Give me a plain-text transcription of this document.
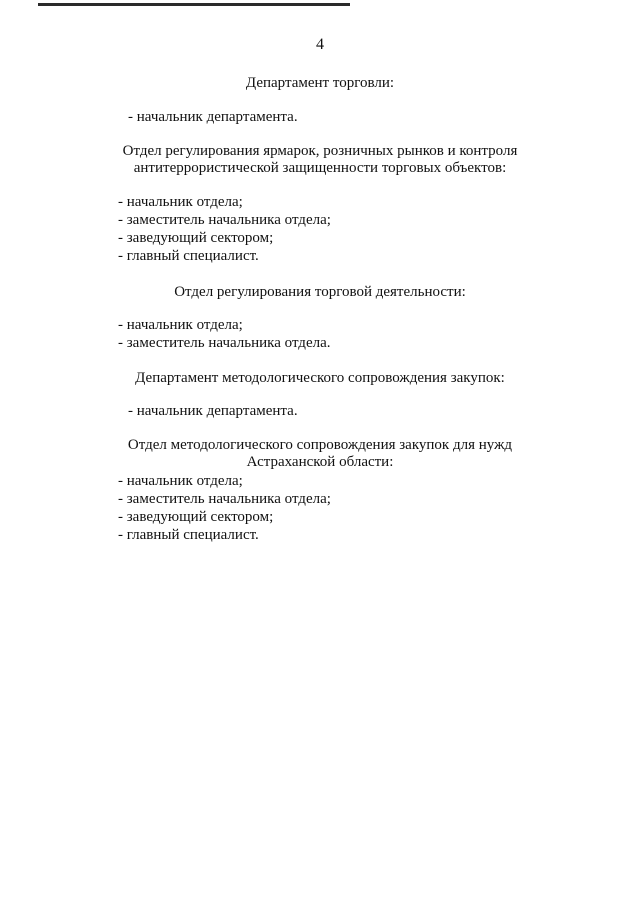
4
Департамент торговли:
- начальник департамента.
Отдел регулирования ярмарок, розничных рынков и контроля
антитеррористической защищенности торговых объектов:
- начальник отдела;
- заместитель начальника отдела;
- заведующий сектором;
- главный специалист.
Отдел регулирования торговой деятельности:
- начальник отдела;
- заместитель начальника отдела.
Департамент методологического сопровождения закупок:
- начальник департамента.
Отдел методологического сопровождения закупок для нужд
Астраханской области:
- начальник отдела;
- заместитель начальника отдела;
- заведующий сектором;
- главный специалист.
